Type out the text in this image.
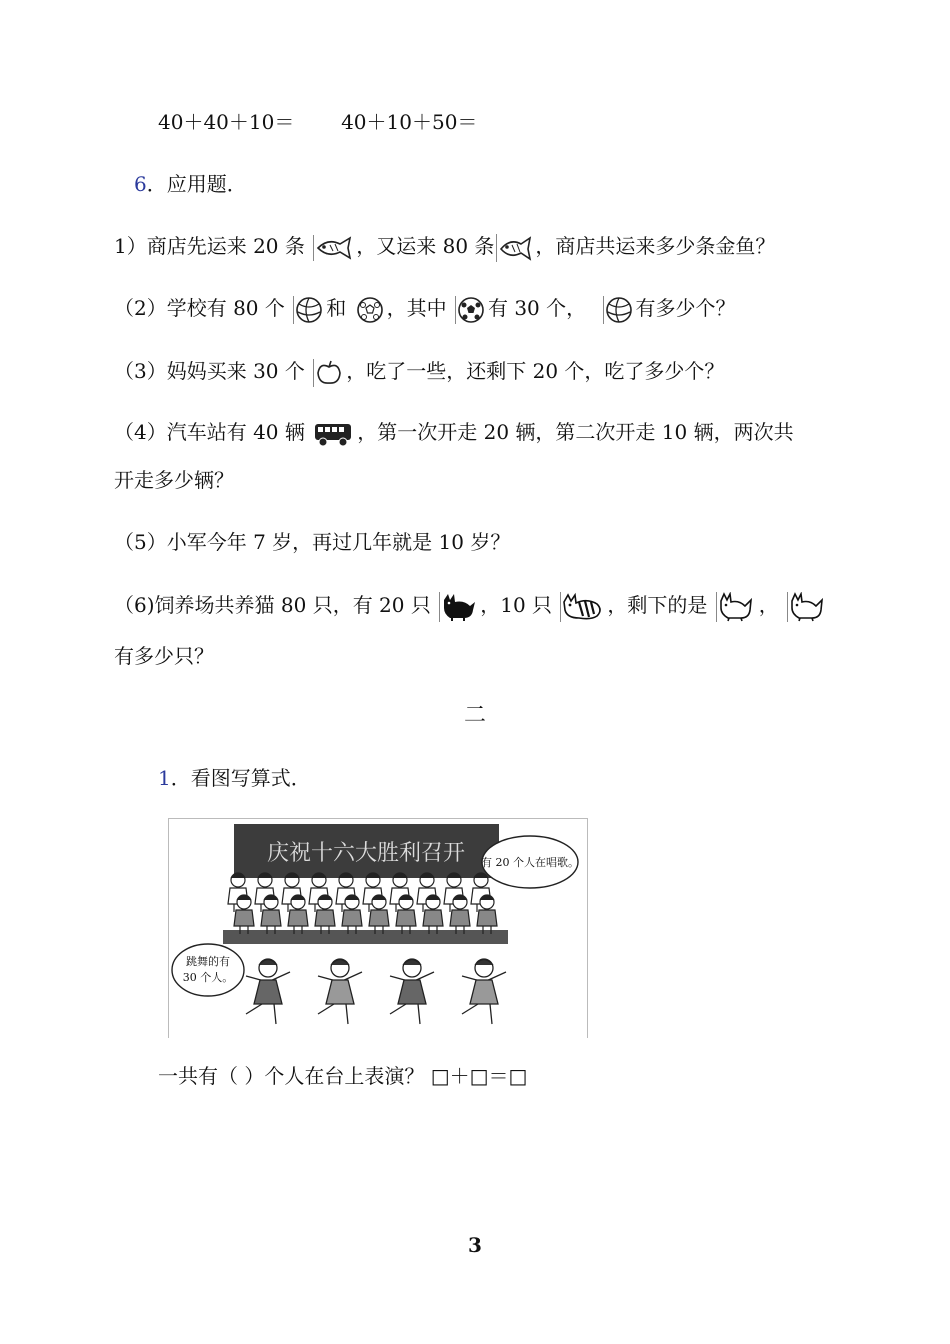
40＋40＋10＝ 40＋10＋50＝
6．应用题．
1）商店先运来 20 条	，又运来 80 条 ，商店共运来多少条金鱼？
（2）学校有 80 个 和 ，其中 有 30 个， 有多少个？
（3）妈妈买来 30 个 ，吃了一些，还剩下 20 个，吃了多少个？
（4）汽车站有 40 辆	，第一次开走 20 辆，第二次开走 10 辆，两次共
开走多少辆？
（5）小军今年 7 岁，再过几年就是 10 岁？
（6)饲养场共养猫 80 只，有 20 只 ，10 只	，剩下的是	，
有多少只？
二
1．看图写算式．
庆祝十六大胜利召开 有 20 个人在唱歌。
跳舞的有
30 个人。
一共有（ ）个人在台上表演？ □＋□＝□
3
